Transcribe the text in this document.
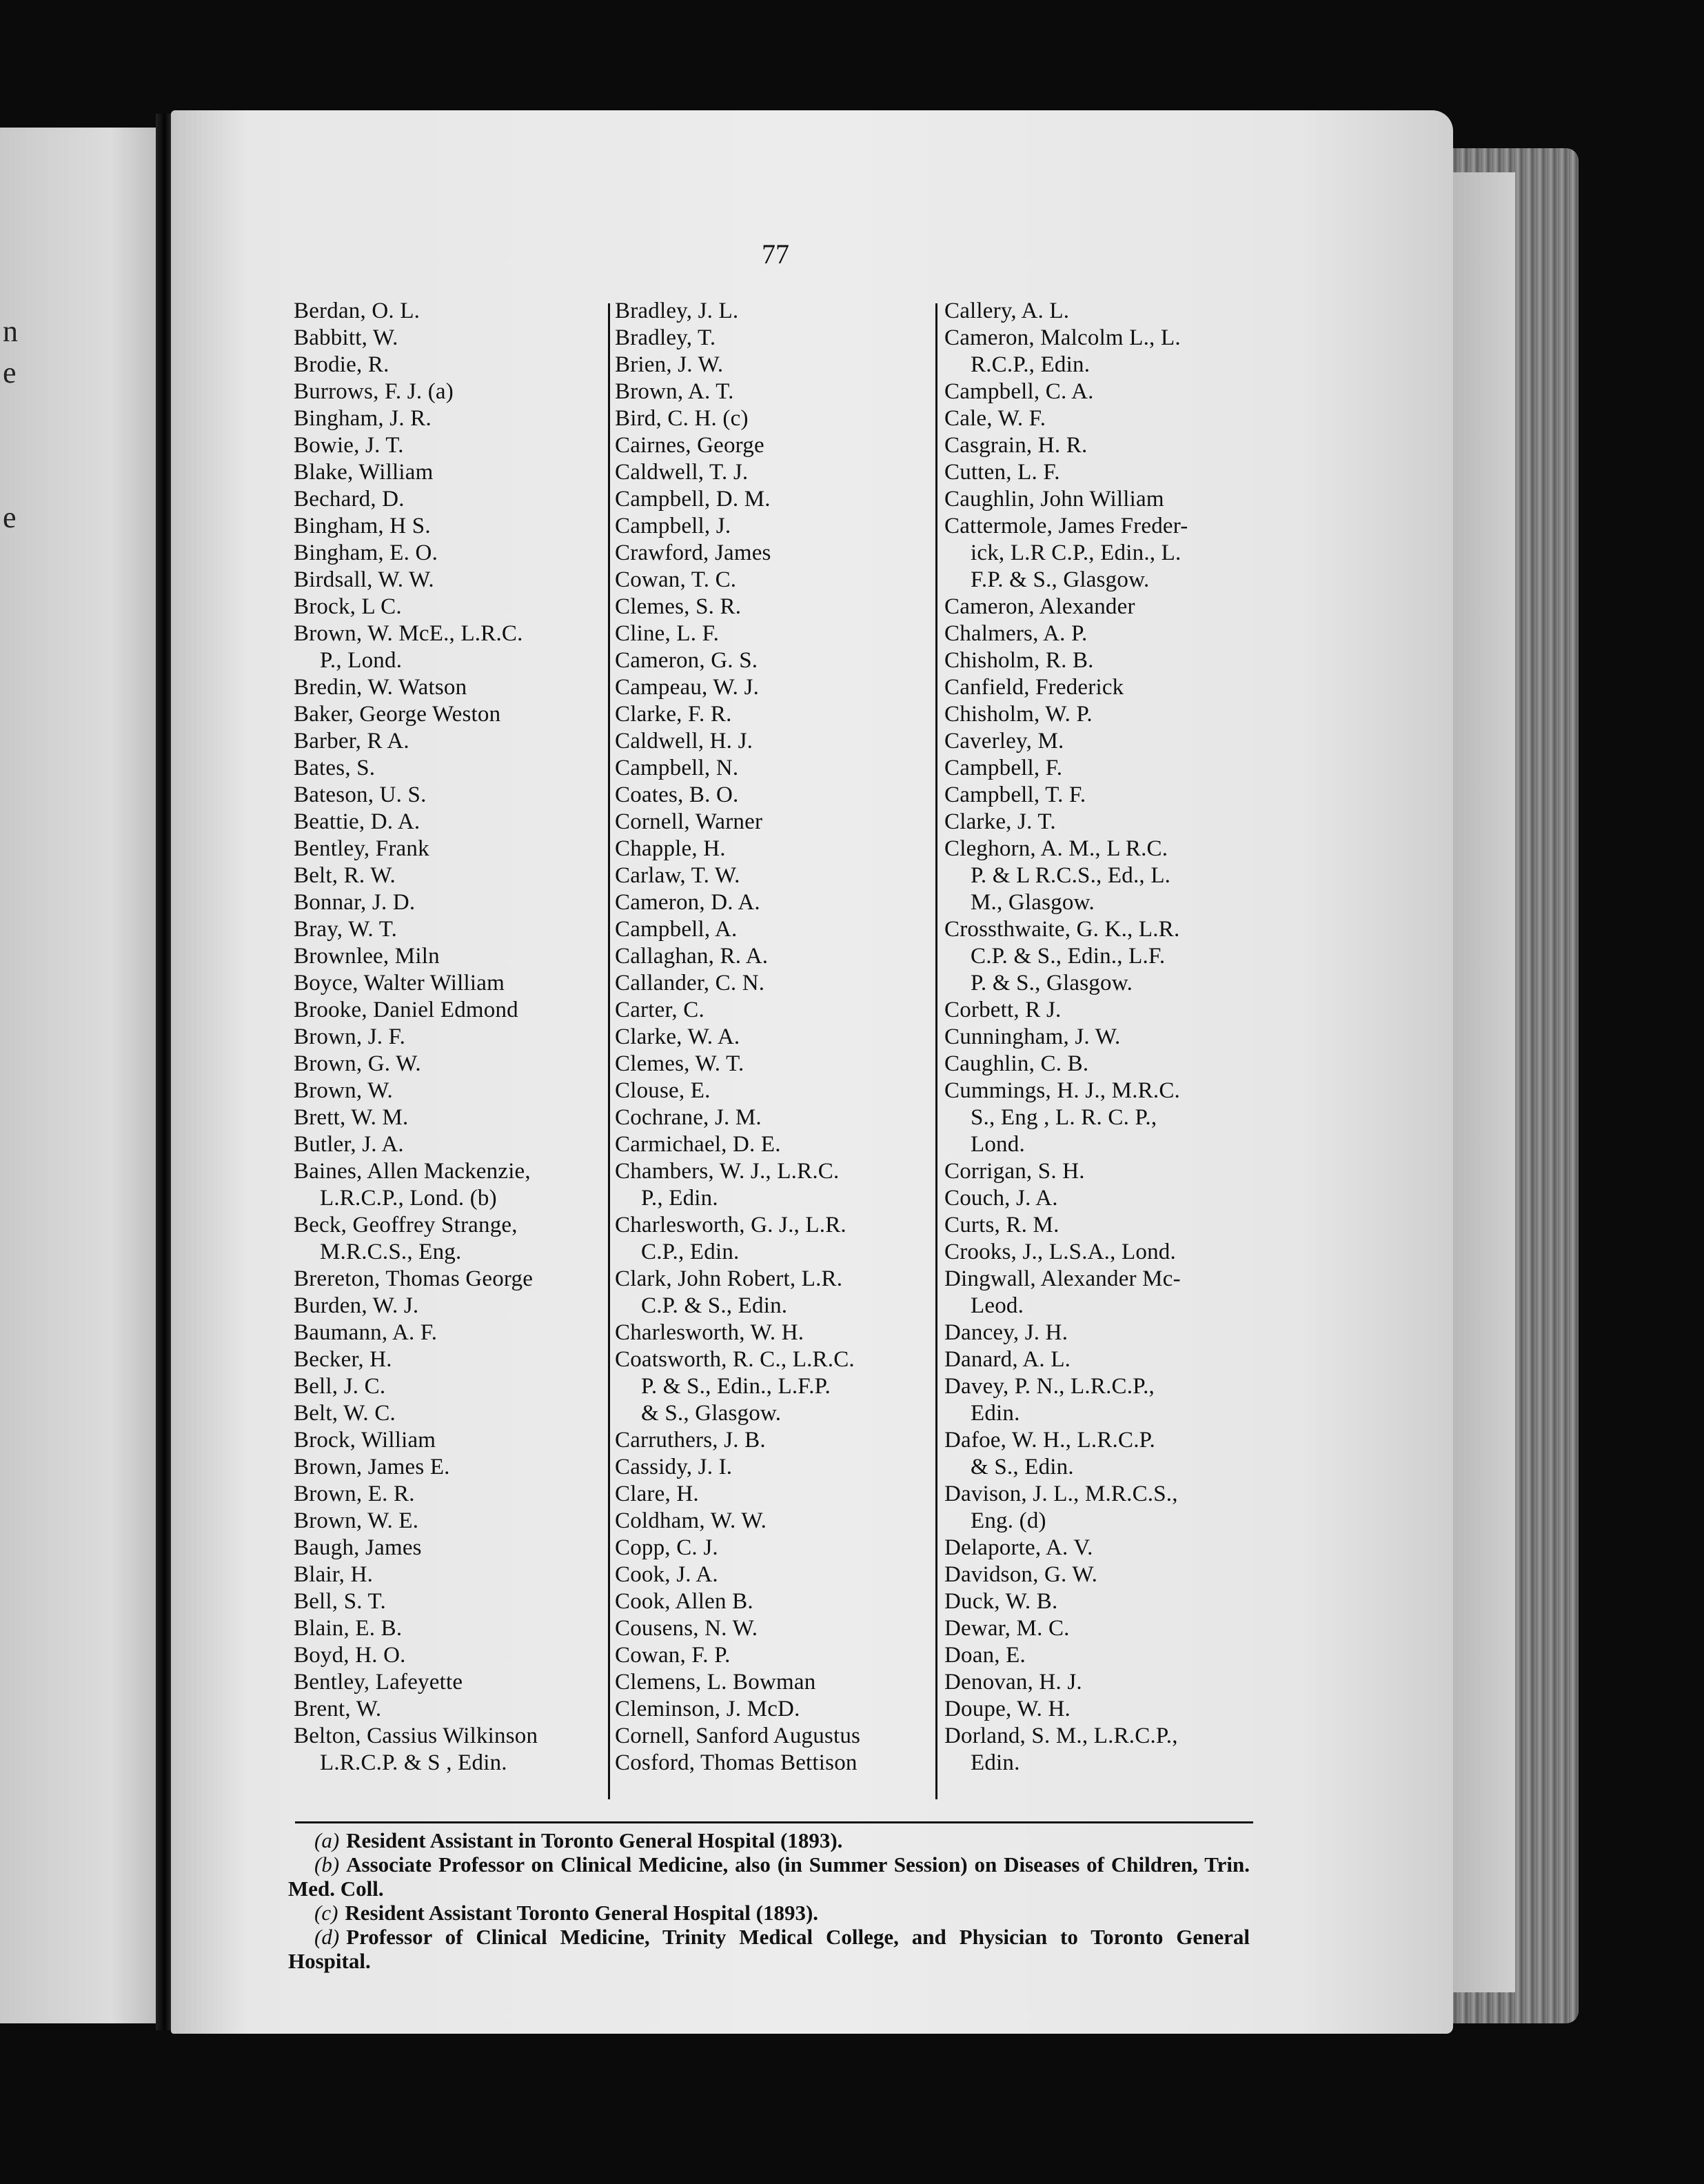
n
e
e
77
Berdan, O. L.
Babbitt, W.
Brodie, R.
Burrows, F. J. (a)
Bingham, J. R.
Bowie, J. T.
Blake, William
Bechard, D.
Bingham, H S.
Bingham, E. O.
Birdsall, W. W.
Brock, L C.
Brown, W. McE., L.R.C.
P., Lond.
Bredin, W. Watson
Baker, George Weston
Barber, R A.
Bates, S.
Bateson, U. S.
Beattie, D. A.
Bentley, Frank
Belt, R. W.
Bonnar, J. D.
Bray, W. T.
Brownlee, Miln
Boyce, Walter William
Brooke, Daniel Edmond
Brown, J. F.
Brown, G. W.
Brown, W.
Brett, W. M.
Butler, J. A.
Baines, Allen Mackenzie,
L.R.C.P., Lond. (b)
Beck, Geoffrey Strange,
M.R.C.S., Eng.
Brereton, Thomas George
Burden, W. J.
Baumann, A. F.
Becker, H.
Bell, J. C.
Belt, W. C.
Brock, William
Brown, James E.
Brown, E. R.
Brown, W. E.
Baugh, James
Blair, H.
Bell, S. T.
Blain, E. B.
Boyd, H. O.
Bentley, Lafeyette
Brent, W.
Belton, Cassius Wilkinson
L.R.C.P. & S , Edin.
Bradley, J. L.
Bradley, T.
Brien, J. W.
Brown, A. T.
Bird, C. H. (c)
Cairnes, George
Caldwell, T. J.
Campbell, D. M.
Campbell, J.
Crawford, James
Cowan, T. C.
Clemes, S. R.
Cline, L. F.
Cameron, G. S.
Campeau, W. J.
Clarke, F. R.
Caldwell, H. J.
Campbell, N.
Coates, B. O.
Cornell, Warner
Chapple, H.
Carlaw, T. W.
Cameron, D. A.
Campbell, A.
Callaghan, R. A.
Callander, C. N.
Carter, C.
Clarke, W. A.
Clemes, W. T.
Clouse, E.
Cochrane, J. M.
Carmichael, D. E.
Chambers, W. J., L.R.C.
P., Edin.
Charlesworth, G. J., L.R.
C.P., Edin.
Clark, John Robert, L.R.
C.P. & S., Edin.
Charlesworth, W. H.
Coatsworth, R. C., L.R.C.
P. & S., Edin., L.F.P.
& S., Glasgow.
Carruthers, J. B.
Cassidy, J. I.
Clare, H.
Coldham, W. W.
Copp, C. J.
Cook, J. A.
Cook, Allen B.
Cousens, N. W.
Cowan, F. P.
Clemens, L. Bowman
Cleminson, J. McD.
Cornell, Sanford Augustus
Cosford, Thomas Bettison
Callery, A. L.
Cameron, Malcolm L., L.
R.C.P., Edin.
Campbell, C. A.
Cale, W. F.
Casgrain, H. R.
Cutten, L. F.
Caughlin, John William
Cattermole, James Freder-
ick, L.R C.P., Edin., L.
F.P. & S., Glasgow.
Cameron, Alexander
Chalmers, A. P.
Chisholm, R. B.
Canfield, Frederick
Chisholm, W. P.
Caverley, M.
Campbell, F.
Campbell, T. F.
Clarke, J. T.
Cleghorn, A. M., L R.C.
P. & L R.C.S., Ed., L.
M., Glasgow.
Crossthwaite, G. K., L.R.
C.P. & S., Edin., L.F.
P. & S., Glasgow.
Corbett, R J.
Cunningham, J. W.
Caughlin, C. B.
Cummings, H. J., M.R.C.
S., Eng , L. R. C. P.,
Lond.
Corrigan, S. H.
Couch, J. A.
Curts, R. M.
Crooks, J., L.S.A., Lond.
Dingwall, Alexander Mc-
Leod.
Dancey, J. H.
Danard, A. L.
Davey, P. N., L.R.C.P.,
Edin.
Dafoe, W. H., L.R.C.P.
& S., Edin.
Davison, J. L., M.R.C.S.,
Eng. (d)
Delaporte, A. V.
Davidson, G. W.
Duck, W. B.
Dewar, M. C.
Doan, E.
Denovan, H. J.
Doupe, W. H.
Dorland, S. M., L.R.C.P.,
Edin.
(a) Resident Assistant in Toronto General Hospital (1893).
(b) Associate Professor on Clinical Medicine, also (in Summer Session) on Diseases of Children, Trin. Med. Coll.
(c) Resident Assistant Toronto General Hospital (1893).
(d) Professor of Clinical Medicine, Trinity Medical College, and Physician to Toronto General Hospital.
